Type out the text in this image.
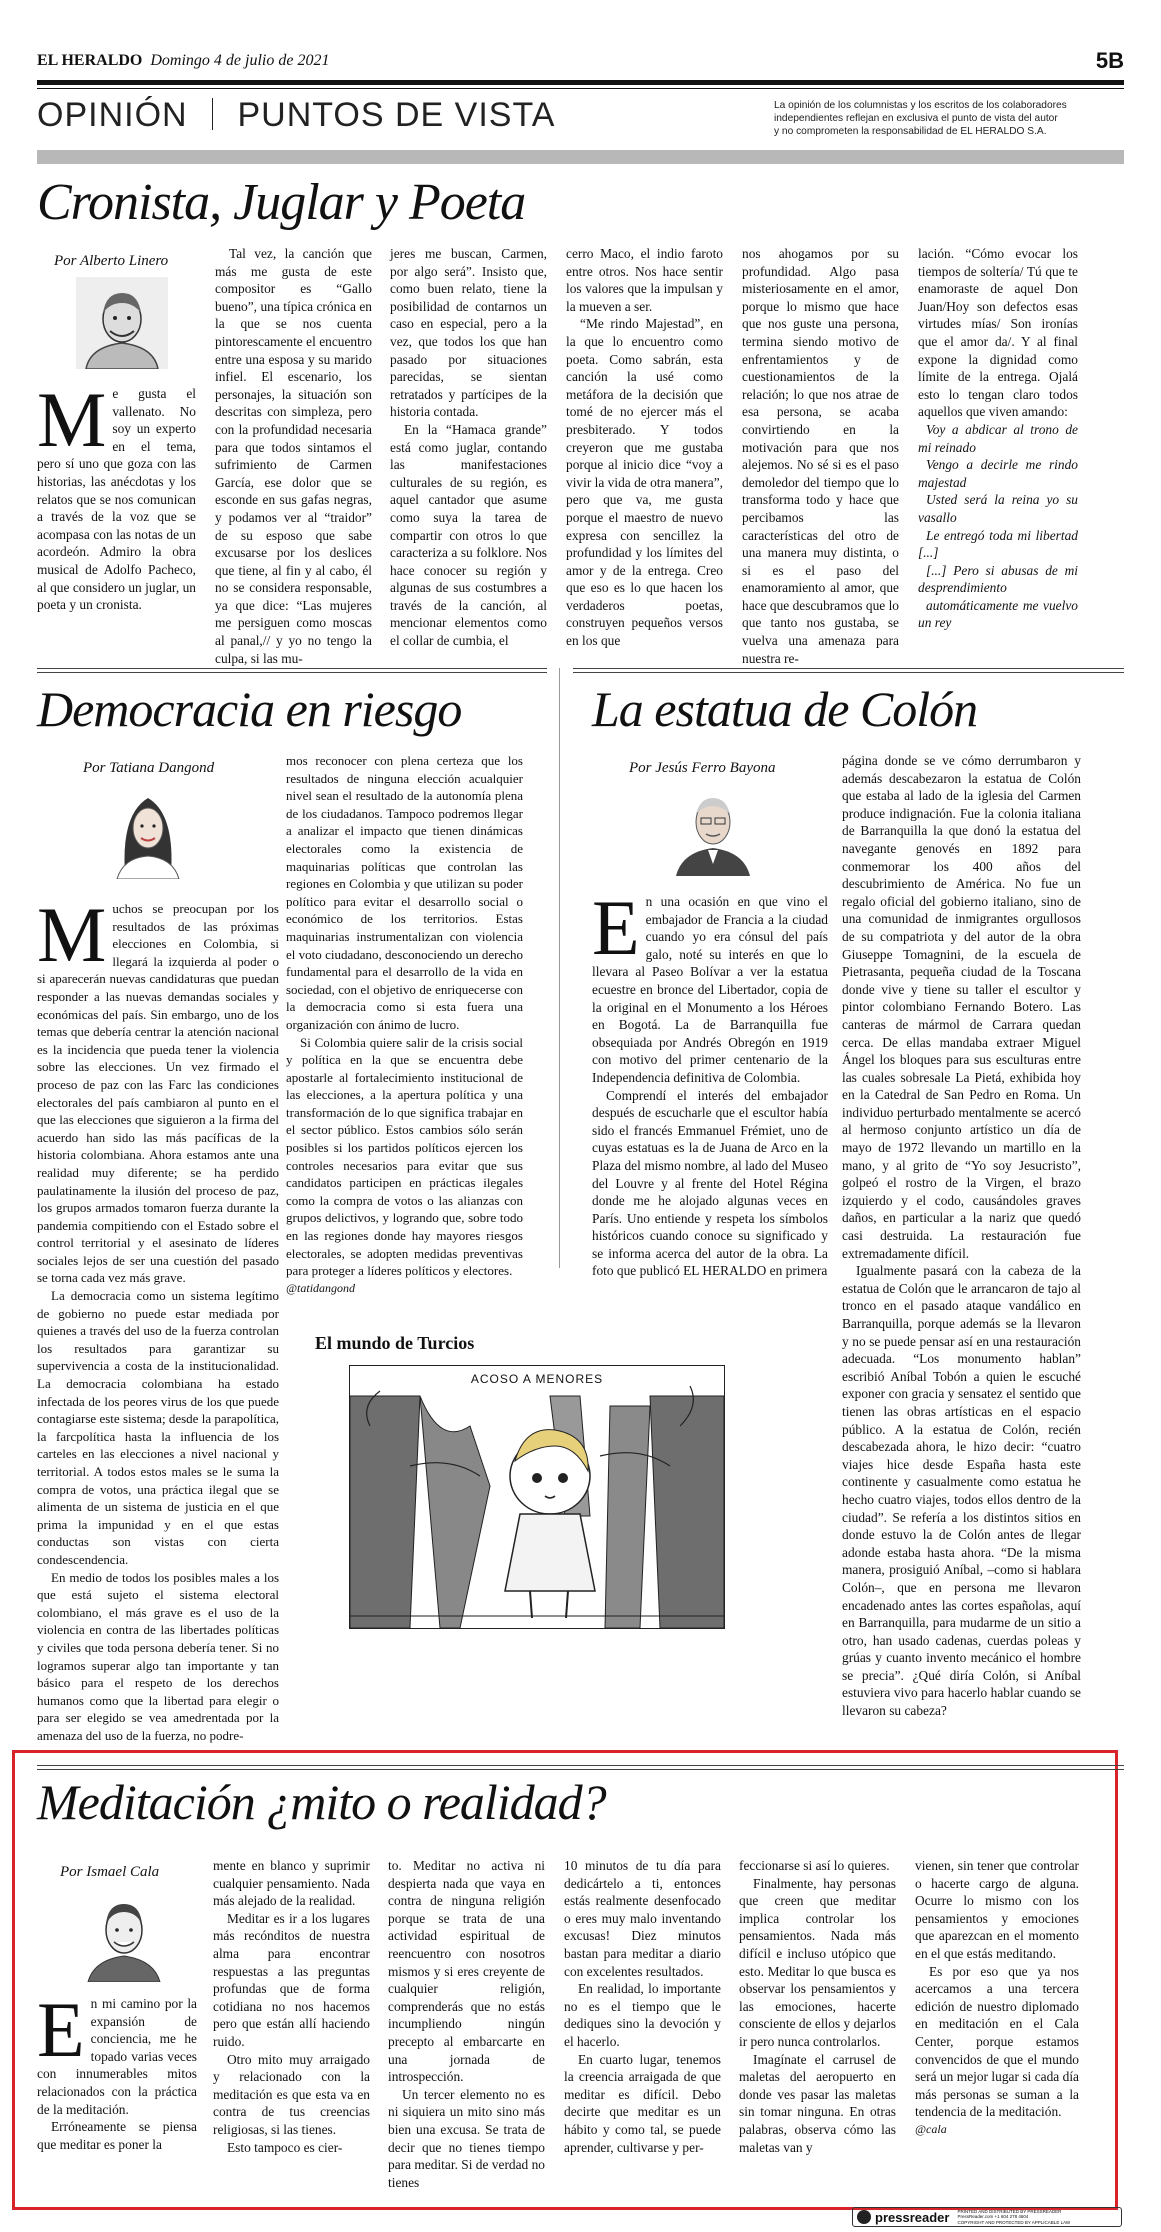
EL HERALDO Domingo 4 de julio de 2021	5B
OPINIÓN PUNTOS DE VISTA	La opinión de los columnistas y los escritos de los colaboradores
independientes reflejan en exclusiva el punto de vista del autor
y no comprometen la responsabilidad de EL HERALDO S.A.
Cronista, Juglar y Poeta
Por Alberto Linero

Me gusta el vallenato. No soy un experto en el tema, pero sí uno que goza con las historias, las anécdotas y los relatos que se nos comunican a través de la voz que se acompasa con las notas de un acordeón. Admiro la obra musical de Adolfo Pacheco, al que considero un juglar, un poeta y un cronista.

Tal vez, la canción que más me gusta de este compositor es “Gallo bueno”, una típica crónica en la que se nos cuenta pintorescamente el encuentro entre una esposa y su marido infiel. El escenario, los personajes, la situación son descritas con simpleza, pero con la profundidad necesaria para que todos sintamos el sufrimiento de Carmen García, ese dolor que se esconde en sus gafas negras, y podamos ver al “traidor” de su esposo que sabe excusarse por los deslices que tiene, al fin y al cabo, él no se considera responsable, ya que dice: “Las mujeres me persiguen como moscas al panal,// y yo no tengo la culpa, si las mu-

jeres me buscan, Carmen, por algo será”. Insisto que, como buen relato, tiene la posibilidad de contarnos un caso en especial, pero a la vez, que todos los que han pasado por situaciones parecidas, se sientan retratados y partícipes de la historia contada.

En la “Hamaca grande” está como juglar, contando las manifestaciones culturales de su región, es aquel cantador que asume como suya la tarea de compartir con otros lo que caracteriza a su folklore. Nos hace conocer su región y algunas de sus costumbres a través de la canción, al mencionar elementos como el collar de cumbia, el

cerro Maco, el indio faroto entre otros. Nos hace sentir los valores que la impulsan y la mueven a ser.

“Me rindo Majestad”, en la que lo encuentro como poeta. Como sabrán, esta canción la usé como metáfora de la decisión que tomé de no ejercer más el presbiterado. Y todos creyeron que me gustaba porque al inicio dice “voy a vivir la vida de otra manera”, pero que va, me gusta porque el maestro de nuevo expresa con sencillez la profundidad y los límites del amor y de la entrega. Creo que eso es lo que hacen los verdaderos poetas, construyen pequeños versos en los que

nos ahogamos por su profundidad. Algo pasa misteriosamente en el amor, porque lo mismo que hace que nos guste una persona, termina siendo motivo de enfrentamientos y de cuestionamientos de la relación; lo que nos atrae de esa persona, se acaba convirtiendo en la motivación para que nos alejemos. No sé si es el paso demoledor del tiempo que lo transforma todo y hace que percibamos las características del otro de una manera muy distinta, o si es el paso del enamoramiento al amor, que hace que descubramos que lo que tanto nos gustaba, se vuelva una amenaza para nuestra re-

lación. “Cómo evocar los tiempos de soltería/ Tú que te enamoraste de aquel Don Juan/Hoy son defectos esas virtudes mías/ Son ironías que el amor da/. Y al final expone la dignidad como límite de la entrega. Ojalá esto lo tengan claro todos aquellos que viven amando:

Voy a abdicar al trono de mi reinado

Vengo a decirle me rindo majestad

Usted será la reina yo su vasallo

Le entregó toda mi libertad [...]

[...] Pero si abusas de mi desprendimiento

automáticamente me vuelvo un rey

Democracia en riesgo
Por Tatiana Dangond

Muchos se preocupan por los resultados de las próximas elecciones en Colombia, si llegará la izquierda al poder o si aparecerán nuevas candidaturas que puedan responder a las nuevas demandas sociales y económicas del país. Sin embargo, uno de los temas que debería centrar la atención nacional es la incidencia que pueda tener la violencia sobre las elecciones. Un vez firmado el proceso de paz con las Farc las condiciones electorales del país cambiaron al punto en el que las elecciones que siguieron a la firma del acuerdo han sido las más pacíficas de la historia colombiana. Ahora estamos ante una realidad muy diferente; se ha perdido paulatinamente la ilusión del proceso de paz, los grupos armados tomaron fuerza durante la pandemia compitiendo con el Estado sobre el control territorial y el asesinato de líderes sociales lejos de ser una cuestión del pasado se torna cada vez más grave.

La democracia como un sistema legítimo de gobierno no puede estar mediada por quienes a través del uso de la fuerza controlan los resultados para garantizar su supervivencia a costa de la institucionalidad. La democracia colombiana ha estado infectada de los peores virus de los que puede contagiarse este sistema; desde la parapolítica, la farcpolítica hasta la influencia de los carteles en las elecciones a nivel nacional y territorial. A todos estos males se le suma la compra de votos, una práctica ilegal que se alimenta de un sistema de justicia en el que prima la impunidad y en el que estas conductas son vistas con cierta condescendencia.

En medio de todos los posibles males a los que está sujeto el sistema electoral colombiano, el más grave es el uso de la violencia en contra de las libertades políticas y civiles que toda persona debería tener. Si no logramos superar algo tan importante y tan básico para el respeto de los derechos humanos como que la libertad para elegir o para ser elegido se vea amedrentada por la amenaza del uso de la fuerza, no podre-

mos reconocer con plena certeza que los resultados de ninguna elección acualquier nivel sean el resultado de la autonomía plena de los ciudadanos. Tampoco podremos llegar a analizar el impacto que tienen dinámicas electorales como la existencia de maquinarias políticas que controlan las regiones en Colombia y que utilizan su poder político para evitar el desarrollo social o económico de los territorios. Estas maquinarias instrumentalizan con violencia el voto ciudadano, desconociendo un derecho fundamental para el desarrollo de la vida en sociedad, con el objetivo de enriquecerse con la democracia como si esta fuera una organización con ánimo de lucro.

Si Colombia quiere salir de la crisis social y política en la que se encuentra debe apostarle al fortalecimiento institucional de las elecciones, a la apertura política y una transformación de lo que significa trabajar en el sector público. Estos cambios sólo serán posibles si los partidos políticos ejercen los controles necesarios para evitar que sus candidatos participen en prácticas ilegales como la compra de votos o las alianzas con grupos delictivos, y logrando que, sobre todo en las regiones donde hay mayores riesgos electorales, se adopten medidas preventivas para proteger a líderes políticos y electores.

@tatidangond

La estatua de Colón
Por Jesús Ferro Bayona

En una ocasión en que vino el embajador de Francia a la ciudad cuando yo era cónsul del país galo, noté su interés en que lo llevara al Paseo Bolívar a ver la estatua ecuestre en bronce del Libertador, copia de la original en el Monumento a los Héroes en Bogotá. La de Barranquilla fue obsequiada por Andrés Obregón en 1919 con motivo del primer centenario de la Independencia definitiva de Colombia.

Comprendí el interés del embajador después de escucharle que el escultor había sido el francés Emmanuel Frémiet, uno de cuyas estatuas es la de Juana de Arco en la Plaza del mismo nombre, al lado del Museo del Louvre y al frente del Hotel Régina donde me he alojado algunas veces en París. Uno entiende y respeta los símbolos históricos cuando conoce su significado y se informa acerca del autor de la obra. La foto que publicó EL HERALDO en primera

página donde se ve cómo derrumbaron y además descabezaron la estatua de Colón que estaba al lado de la iglesia del Carmen produce indignación. Fue la colonia italiana de Barranquilla la que donó la estatua del navegante genovés en 1892 para conmemorar los 400 años del descubrimiento de América. No fue un regalo oficial del gobierno italiano, sino de una comunidad de inmigrantes orgullosos de su compatriota y del autor de la obra Giuseppe Tomagnini, de la escuela de Pietrasanta, pequeña ciudad de la Toscana donde vive y tiene su taller el escultor y pintor colombiano Fernando Botero. Las canteras de mármol de Carrara quedan cerca. De ellas mandaba extraer Miguel Ángel los bloques para sus esculturas entre las cuales sobresale La Pietá, exhibida hoy en la Catedral de San Pedro en Roma. Un individuo perturbado mentalmente se acercó al hermoso conjunto artístico un día de mayo de 1972 llevando un martillo en la mano, y al grito de “Yo soy Jesucristo”, golpeó el rostro de la Virgen, el brazo izquierdo y el codo, causándoles graves daños, en particular a la nariz que quedó casi destruida. La restauración fue extremadamente difícil.

Igualmente pasará con la cabeza de la estatua de Colón que le arrancaron de tajo al tronco en el pasado ataque vandálico en Barranquilla, porque además se la llevaron y no se puede pensar así en una restauración adecuada. “Los monumento hablan” escribió Aníbal Tobón a quien le escuché exponer con gracia y sensatez el sentido que tienen las obras artísticas en el espacio público. A la estatua de Colón, recién descabezada ahora, le hizo decir: “cuatro viajes hice desde España hasta este continente y casualmente como estatua he hecho cuatro viajes, todos ellos dentro de la ciudad”. Se refería a los distintos sitios en donde estuvo la de Colón antes de llegar adonde estaba hasta ahora. “De la misma manera, prosiguió Aníbal, –como si hablara Colón–, que en persona me llevaron encadenado antes las cortes españolas, aquí en Barranquilla, para mudarme de un sitio a otro, han usado cadenas, cuerdas poleas y grúas y cuanto invento mecánico el hombre se precia”. ¿Qué diría Colón, si Aníbal estuviera vivo para hacerlo hablar cuando se llevaron su cabeza?

El mundo de Turcios
ACOSO A MENORES
Meditación ¿mito o realidad?
Por Ismael Cala

En mi camino por la expansión de conciencia, me he topado varias veces con innumerables mitos relacionados con la práctica de la meditación.

Erróneamente se piensa que meditar es poner la

mente en blanco y suprimir cualquier pensamiento. Nada más alejado de la realidad.

Meditar es ir a los lugares más recónditos de nuestra alma para encontrar respuestas a las preguntas profundas que de forma cotidiana no nos hacemos pero que están allí haciendo ruido.

Otro mito muy arraigado y relacionado con la meditación es que esta va en contra de tus creencias religiosas, si las tienes.

Esto tampoco es cier-

to. Meditar no activa ni despierta nada que vaya en contra de ninguna religión porque se trata de una actividad espiritual de reencuentro con nosotros mismos y si eres creyente de cualquier religión, comprenderás que no estás incumpliendo ningún precepto al embarcarte en una jornada de introspección.

Un tercer elemento no es ni siquiera un mito sino más bien una excusa. Se trata de decir que no tienes tiempo para meditar. Si de verdad no tienes

10 minutos de tu día para dedicártelo a ti, entonces estás realmente desenfocado o eres muy malo inventando excusas! Diez minutos bastan para meditar a diario con excelentes resultados.

En realidad, lo importante no es el tiempo que le dediques sino la devoción y el hacerlo.

En cuarto lugar, tenemos la creencia arraigada de que meditar es difícil. Debo decirte que meditar es un hábito y como tal, se puede aprender, cultivarse y per-

feccionarse si así lo quieres.

Finalmente, hay personas que creen que meditar implica controlar los pensamientos. Nada más difícil e incluso utópico que esto. Meditar lo que busca es observar los pensamientos y las emociones, hacerte consciente de ellos y dejarlos ir pero nunca controlarlos.

Imagínate el carrusel de maletas del aeropuerto en donde ves pasar las maletas sin tomar ninguna. En otras palabras, observa cómo las maletas van y

vienen, sin tener que controlar o hacerte cargo de alguna. Ocurre lo mismo con los pensamientos y emociones que aparezcan en el momento en el que estás meditando.

Es por eso que ya nos acercamos a una tercera edición de nuestro diplomado en meditación en el Cala Center, porque estamos convencidos de que el mundo será un mejor lugar si cada día más personas se suman a la tendencia de la meditación.

@cala

pressreader PRINTED AND DISTRIBUTED BY PRESSREADER
PressReader.com +1 604 278 4604
COPYRIGHT AND PROTECTED BY APPLICABLE LAW
